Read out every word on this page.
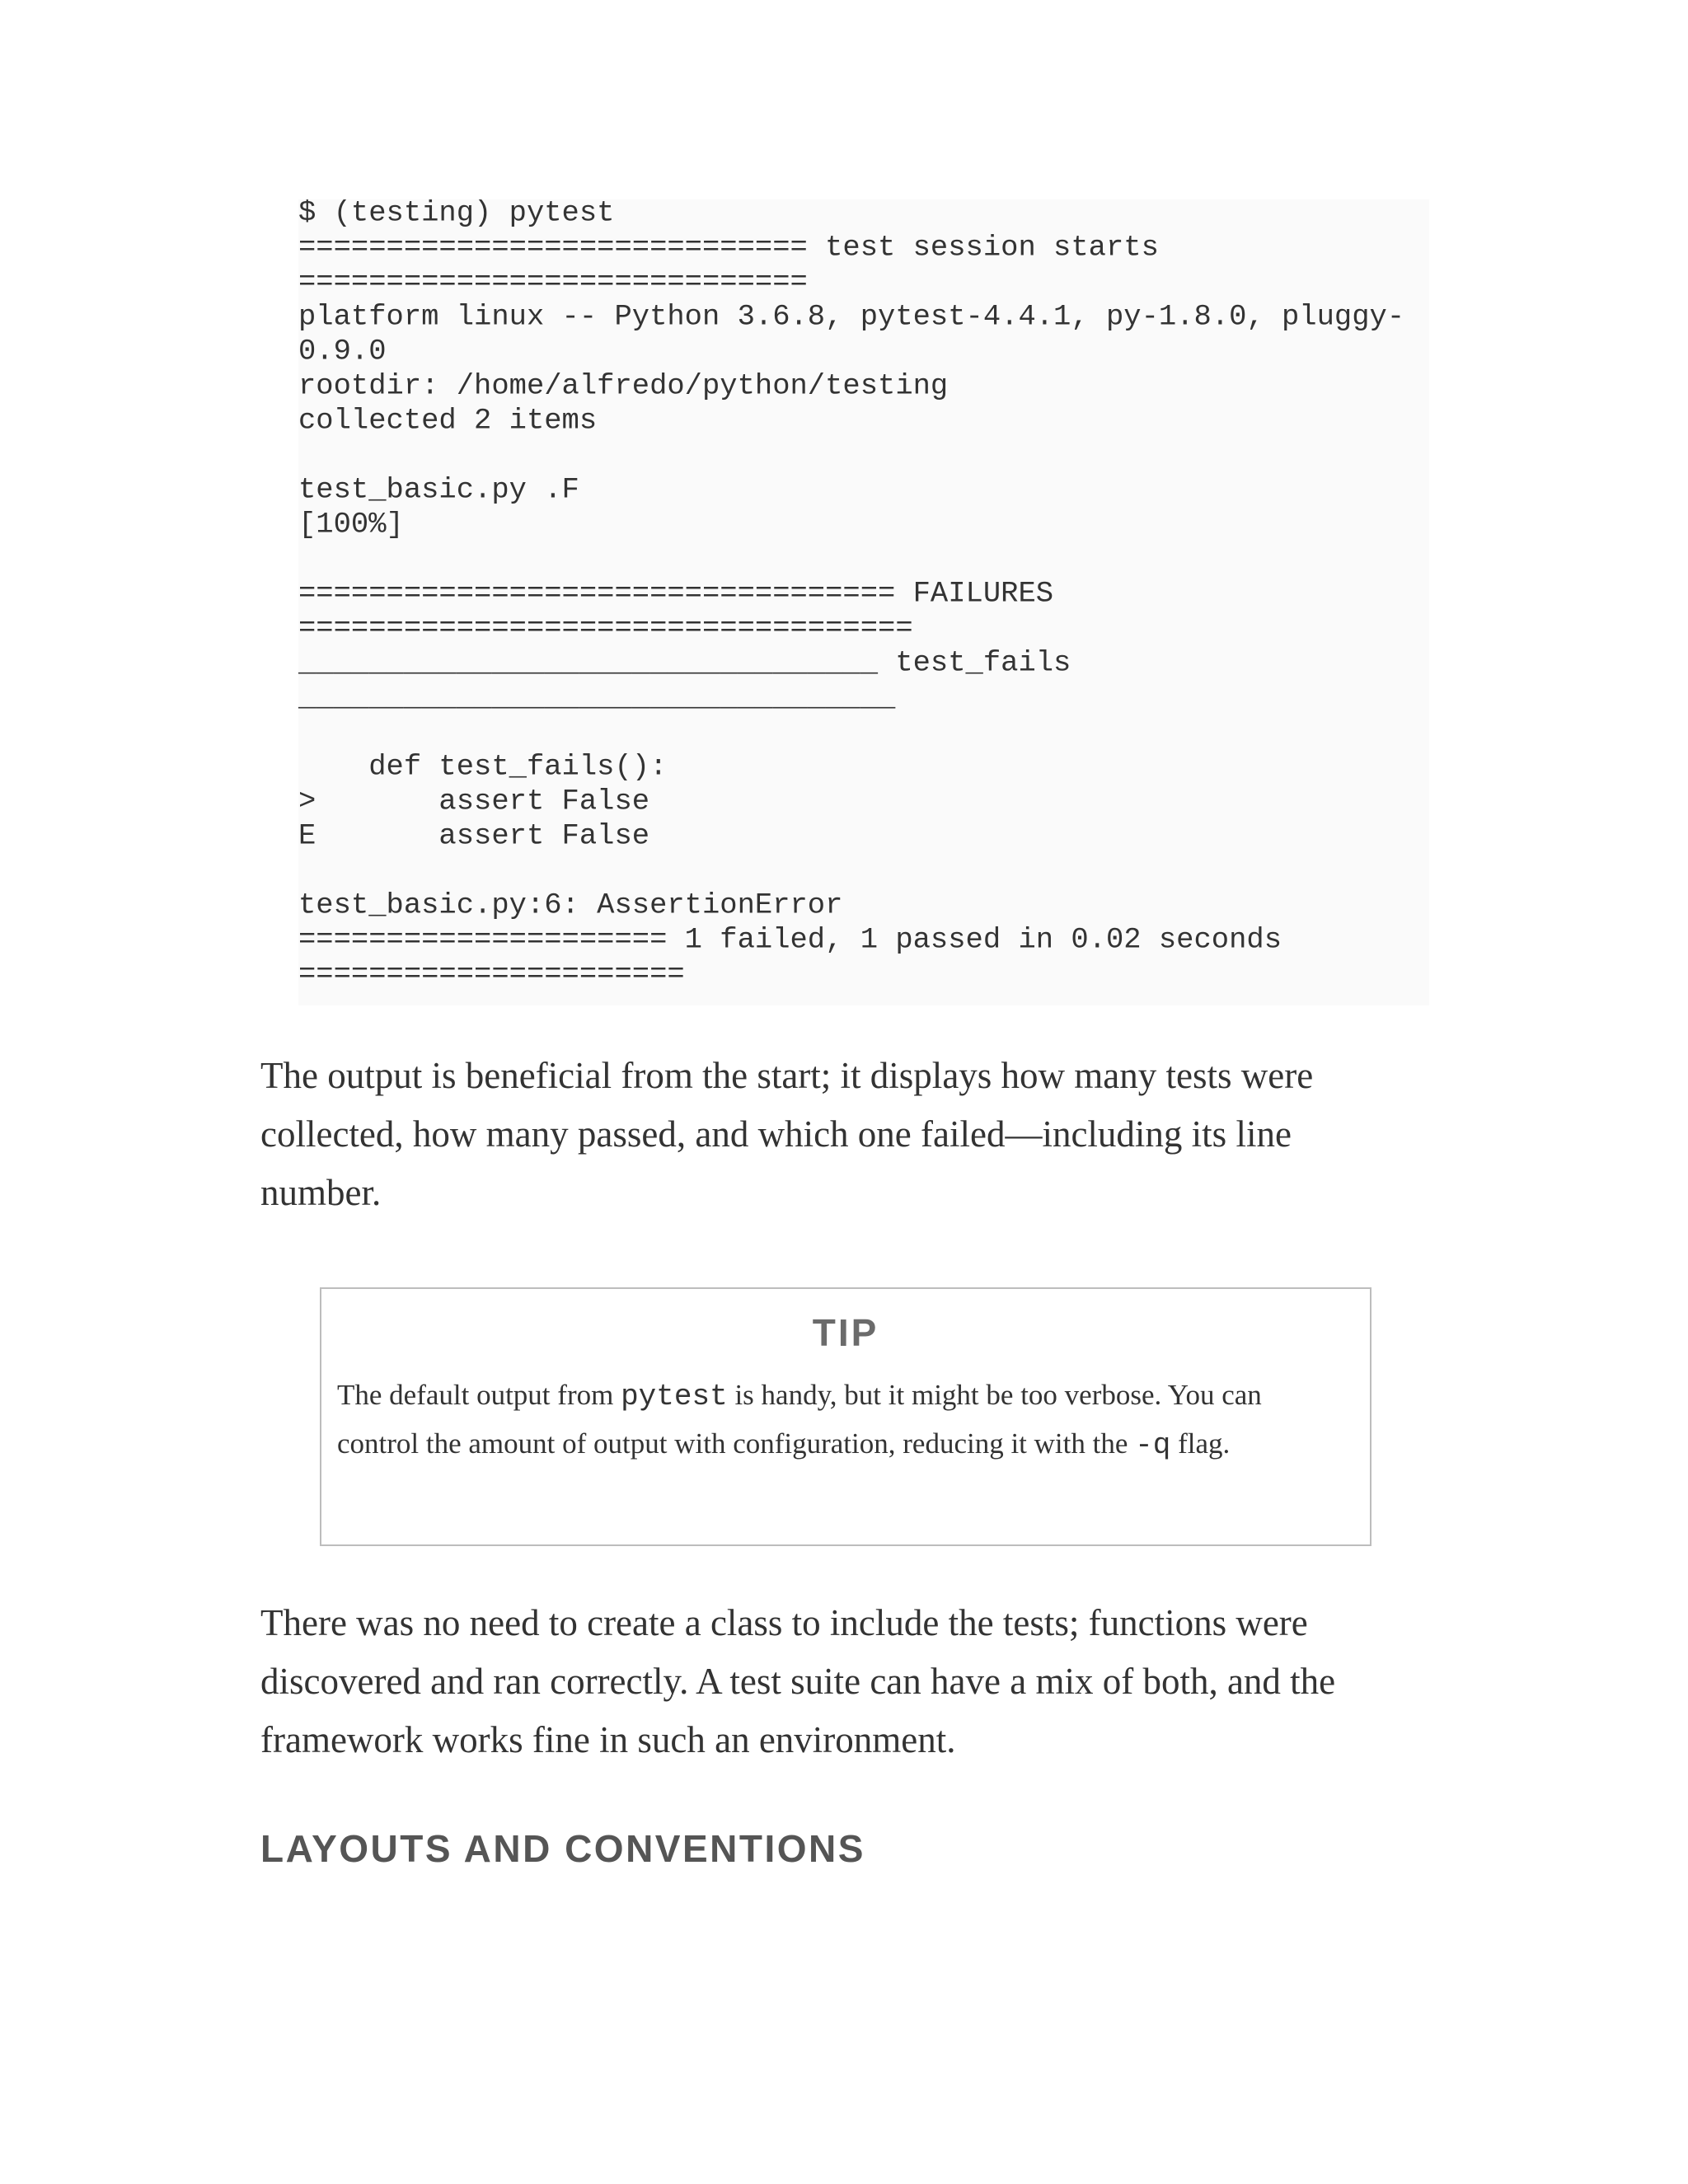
$ (testing) pytest
============================= test session starts
=============================
platform linux -- Python 3.6.8, pytest-4.4.1, py-1.8.0, pluggy-
0.9.0
rootdir: /home/alfredo/python/testing
collected 2 items
test_basic.py .F
[100%]
================================== FAILURES
===================================
_________________________________ test_fails
__________________________________
def test_fails():
>       assert False
E       assert False
test_basic.py:6: AssertionError
===================== 1 failed, 1 passed in 0.02 seconds
======================

The output is beneficial from the start; it displays how many tests were
collected, how many passed, and which one failed—including its line
number.

TIP
The default output from pytest is handy, but it might be too verbose. You can
control the amount of output with configuration, reducing it with the -q flag.

There was no need to create a class to include the tests; functions were
discovered and ran correctly. A test suite can have a mix of both, and the
framework works fine in such an environment.

LAYOUTS AND CONVENTIONS
